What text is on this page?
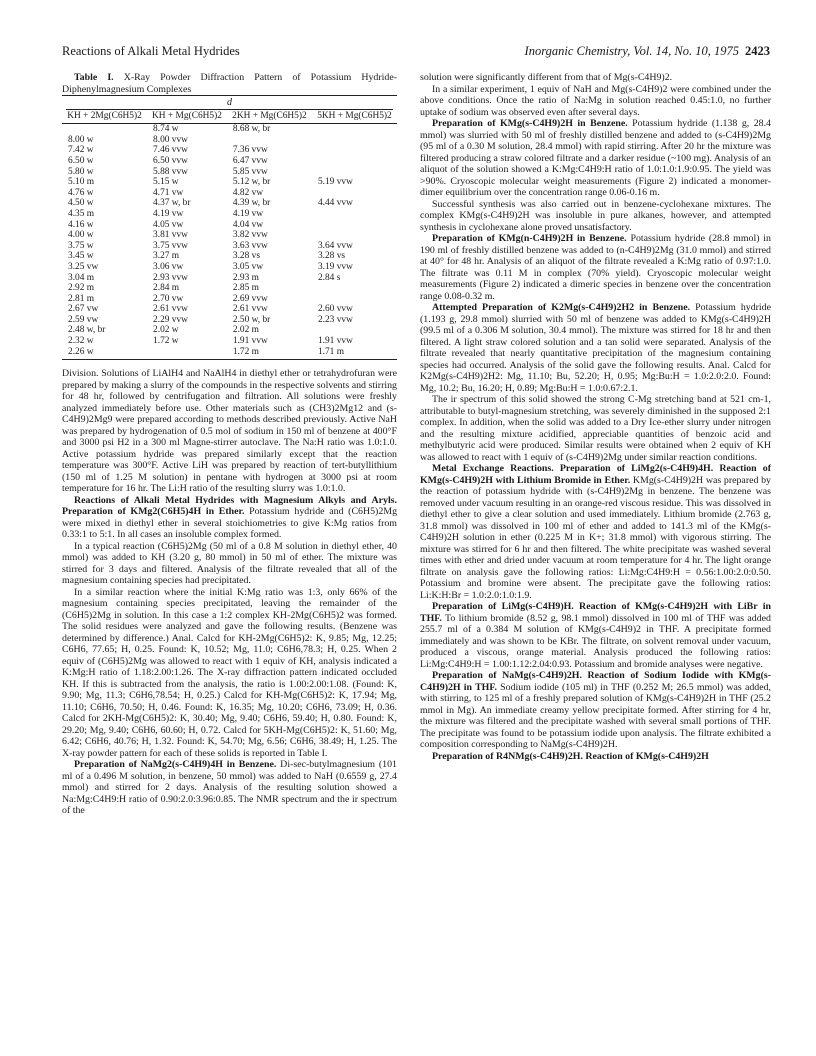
Reactions of Alkali Metal Hydrides	Inorganic Chemistry, Vol. 14, No. 10, 1975 2423

Table I. X-Ray Powder Diffraction Pattern of Potassium Hydride-Diphenylmagnesium Complexes

d			

KH + 2Mg(C6H5)2	KH + Mg(C6H5)2	2KH + Mg(C6H5)2	5KH + Mg(C6H5)2
	8.74 w	8.68 w, br	
8.00 w	8.00 vvw		
7.42 w	7.46 vvw	7.36 vvw	
6.50 w	6.50 vvw	6.47 vvw	
5.80 w	5.88 vvw	5.85 vvw	
5.10 m	5.15 w	5.12 w, br	5.19 vvw
4.76 w	4.71 vw	4.82 vw	
4.50 w	4.37 w, br	4.39 w, br	4.44 vvw
4.35 m	4.19 vw	4.19 vw	
4.16 w	4.05 vw	4.04 vw	
4.00 w	3.81 vvw	3.82 vvw	
3.75 w	3.75 vvw	3.63 vvw	3.64 vvw
3.45 w	3.27 m	3.28 vs	3.28 vs
3.25 vw	3.06 vw	3.05 vw	3.19 vvw
3.04 m	2.93 vvw	2.93 m	2.84 s
2.92 m	2.84 m	2.85 m	
2.81 m	2.70 vw	2.69 vvw	
2.67 vw	2.61 vvw	2.61 vvw	2.60 vvw
2.59 vw	2.29 vvw	2.50 w, br	2.23 vvw
2.48 w, br	2.02 w	2.02 m	
2.32 w	1.72 w	1.91 vvw	1.91 vvw
2.26 w		1.72 m	1.71 m

Division. Solutions of LiAlH4 and NaAlH4 in diethyl ether or tetrahydrofuran were prepared by making a slurry of the compounds in the respective solvents and stirring for 48 hr, followed by centrifugation and filtration. All solutions were freshly analyzed immediately before use. Other materials such as (CH3)2Mg12 and (s-C4H9)2Mg9 were prepared according to methods described previously. Active NaH was prepared by hydrogenation of 0.5 mol of sodium in 150 ml of benzene at 400°F and 3000 psi H2 in a 300 ml Magne-stirrer autoclave. The Na:H ratio was 1.0:1.0. Active potassium hydride was prepared similarly except that the reaction temperature was 300°F. Active LiH was prepared by reaction of tert-butyllithium (150 ml of 1.25 M solution) in pentane with hydrogen at 3000 psi at room temperature for 16 hr. The Li:H ratio of the resulting slurry was 1.0:1.0.

Reactions of Alkali Metal Hydrides with Magnesium Alkyls and Aryls. Preparation of KMg2(C6H5)4H in Ether. Potassium hydride and (C6H5)2Mg were mixed in diethyl ether in several stoichiometries to give K:Mg ratios from 0.33:1 to 5:1. In all cases an insoluble complex formed.

In a typical reaction (C6H5)2Mg (50 ml of a 0.8 M solution in diethyl ether, 40 mmol) was added to KH (3.20 g, 80 mmol) in 50 ml of ether. The mixture was stirred for 3 days and filtered. Analysis of the filtrate revealed that all of the magnesium containing species had precipitated.

In a similar reaction where the initial K:Mg ratio was 1:3, only 66% of the magnesium containing species precipitated, leaving the remainder of the (C6H5)2Mg in solution. In this case a 1:2 complex KH-2Mg(C6H5)2 was formed. The solid residues were analyzed and gave the following results. (Benzene was determined by difference.) Anal. Calcd for KH-2Mg(C6H5)2: K, 9.85; Mg, 12.25; C6H6, 77.65; H, 0.25. Found: K, 10.52; Mg, 11.0; C6H6,78.3; H, 0.25. When 2 equiv of (C6H5)2Mg was allowed to react with 1 equiv of KH, analysis indicated a K:Mg:H ratio of 1.18:2.00:1.26. The X-ray diffraction pattern indicated occluded KH. If this is subtracted from the analysis, the ratio is 1.00:2.00:1.08. (Found: K, 9.90; Mg, 11.3; C6H6,78.54; H, 0.25.) Calcd for KH-Mg(C6H5)2: K, 17.94; Mg, 11.10; C6H6, 70.50; H, 0.46. Found: K, 16.35; Mg, 10.20; C6H6, 73.09; H, 0.36. Calcd for 2KH-Mg(C6H5)2: K, 30.40; Mg, 9.40; C6H6, 59.40; H, 0.80. Found: K, 29.20; Mg, 9.40; C6H6, 60.60; H, 0.72. Calcd for 5KH-Mg(C6H5)2: K, 51.60; Mg, 6.42; C6H6, 40.76; H, 1.32. Found: K, 54.70; Mg, 6.56; C6H6, 38.49; H, 1.25. The X-ray powder pattern for each of these solids is reported in Table I.

Preparation of NaMg2(s-C4H9)4H in Benzene. Di-sec-butylmagnesium (101 ml of a 0.496 M solution, in benzene, 50 mmol) was added to NaH (0.6559 g, 27.4 mmol) and stirred for 2 days. Analysis of the resulting solution showed a Na:Mg:C4H9:H ratio of 0.90:2.0:3.96:0.85. The NMR spectrum and the ir spectrum of the

solution were significantly different from that of Mg(s-C4H9)2.

In a similar experiment, 1 equiv of NaH and Mg(s-C4H9)2 were combined under the above conditions. Once the ratio of Na:Mg in solution reached 0.45:1.0, no further uptake of sodium was observed even after several days.

Preparation of KMg(s-C4H9)2H in Benzene. Potassium hydride (1.138 g, 28.4 mmol) was slurried with 50 ml of freshly distilled benzene and added to (s-C4H9)2Mg (95 ml of a 0.30 M solution, 28.4 mmol) with rapid stirring. After 20 hr the mixture was filtered producing a straw colored filtrate and a darker residue (~100 mg). Analysis of an aliquot of the solution showed a K:Mg:C4H9:H ratio of 1.0:1.0:1.9:0.95. The yield was >90%. Cryoscopic molecular weight measurements (Figure 2) indicated a monomer-dimer equilibrium over the concentration range 0.06-0.16 m.

Successful synthesis was also carried out in benzene-cyclohexane mixtures. The complex KMg(s-C4H9)2H was insoluble in pure alkanes, however, and attempted synthesis in cyclohexane alone proved unsatisfactory.

Preparation of KMg(n-C4H9)2H in Benzene. Potassium hydride (28.8 mmol) in 190 ml of freshly distilled benzene was added to (n-C4H9)2Mg (31.0 mmol) and stirred at 40° for 48 hr. Analysis of an aliquot of the filtrate revealed a K:Mg ratio of 0.97:1.0. The filtrate was 0.11 M in complex (70% yield). Cryoscopic molecular weight measurements (Figure 2) indicated a dimeric species in benzene over the concentration range 0.08-0.32 m.

Attempted Preparation of K2Mg(s-C4H9)2H2 in Benzene. Potassium hydride (1.193 g, 29.8 mmol) slurried with 50 ml of benzene was added to KMg(s-C4H9)2H (99.5 ml of a 0.306 M solution, 30.4 mmol). The mixture was stirred for 18 hr and then filtered. A light straw colored solution and a tan solid were separated. Analysis of the filtrate revealed that nearly quantitative precipitation of the magnesium containing species had occurred. Analysis of the solid gave the following results. Anal. Calcd for K2Mg(s-C4H9)2H2: Mg, 11.10; Bu, 52.20; H, 0.95; Mg:Bu:H = 1.0:2.0:2.0. Found: Mg, 10.2; Bu, 16.20; H, 0.89; Mg:Bu:H = 1.0:0.67:2.1.

The ir spectrum of this solid showed the strong C-Mg stretching band at 521 cm-1, attributable to butyl-magnesium stretching, was severely diminished in the supposed 2:1 complex. In addition, when the solid was added to a Dry Ice-ether slurry under nitrogen and the resulting mixture acidified, appreciable quantities of benzoic acid and methylbutyric acid were produced. Similar results were obtained when 2 equiv of KH was allowed to react with 1 equiv of (s-C4H9)2Mg under similar reaction conditions.

Metal Exchange Reactions. Preparation of LiMg2(s-C4H9)4H. Reaction of KMg(s-C4H9)2H with Lithium Bromide in Ether. KMg(s-C4H9)2H was prepared by the reaction of potassium hydride with (s-C4H9)2Mg in benzene. The benzene was removed under vacuum resulting in an orange-red viscous residue. This was dissolved in diethyl ether to give a clear solution and used immediately. Lithium bromide (2.763 g, 31.8 mmol) was dissolved in 100 ml of ether and added to 141.3 ml of the KMg(s-C4H9)2H solution in ether (0.225 M in K+; 31.8 mmol) with vigorous stirring. The mixture was stirred for 6 hr and then filtered. The white precipitate was washed several times with ether and dried under vacuum at room temperature for 4 hr. The light orange filtrate on analysis gave the following ratios: Li:Mg:C4H9:H = 0.56:1.00:2.0:0.50. Potassium and bromine were absent. The precipitate gave the following ratios: Li:K:H:Br = 1.0:2.0:1.0:1.9.

Preparation of LiMg(s-C4H9)H. Reaction of KMg(s-C4H9)2H with LiBr in THF. To lithium bromide (8.52 g, 98.1 mmol) dissolved in 100 ml of THF was added 255.7 ml of a 0.384 M solution of KMg(s-C4H9)2 in THF. A precipitate formed immediately and was shown to be KBr. The filtrate, on solvent removal under vacuum, produced a viscous, orange material. Analysis produced the following ratios: Li:Mg:C4H9:H = 1.00:1.12:2.04:0.93. Potassium and bromide analyses were negative.

Preparation of NaMg(s-C4H9)2H. Reaction of Sodium Iodide with KMg(s-C4H9)2H in THF. Sodium iodide (105 ml) in THF (0.252 M; 26.5 mmol) was added, with stirring, to 125 ml of a freshly prepared solution of KMg(s-C4H9)2H in THF (25.2 mmol in Mg). An immediate creamy yellow precipitate formed. After stirring for 4 hr, the mixture was filtered and the precipitate washed with several small portions of THF. The precipitate was found to be potassium iodide upon analysis. The filtrate exhibited a composition corresponding to NaMg(s-C4H9)2H.

Preparation of R4NMg(s-C4H9)2H. Reaction of KMg(s-C4H9)2H
